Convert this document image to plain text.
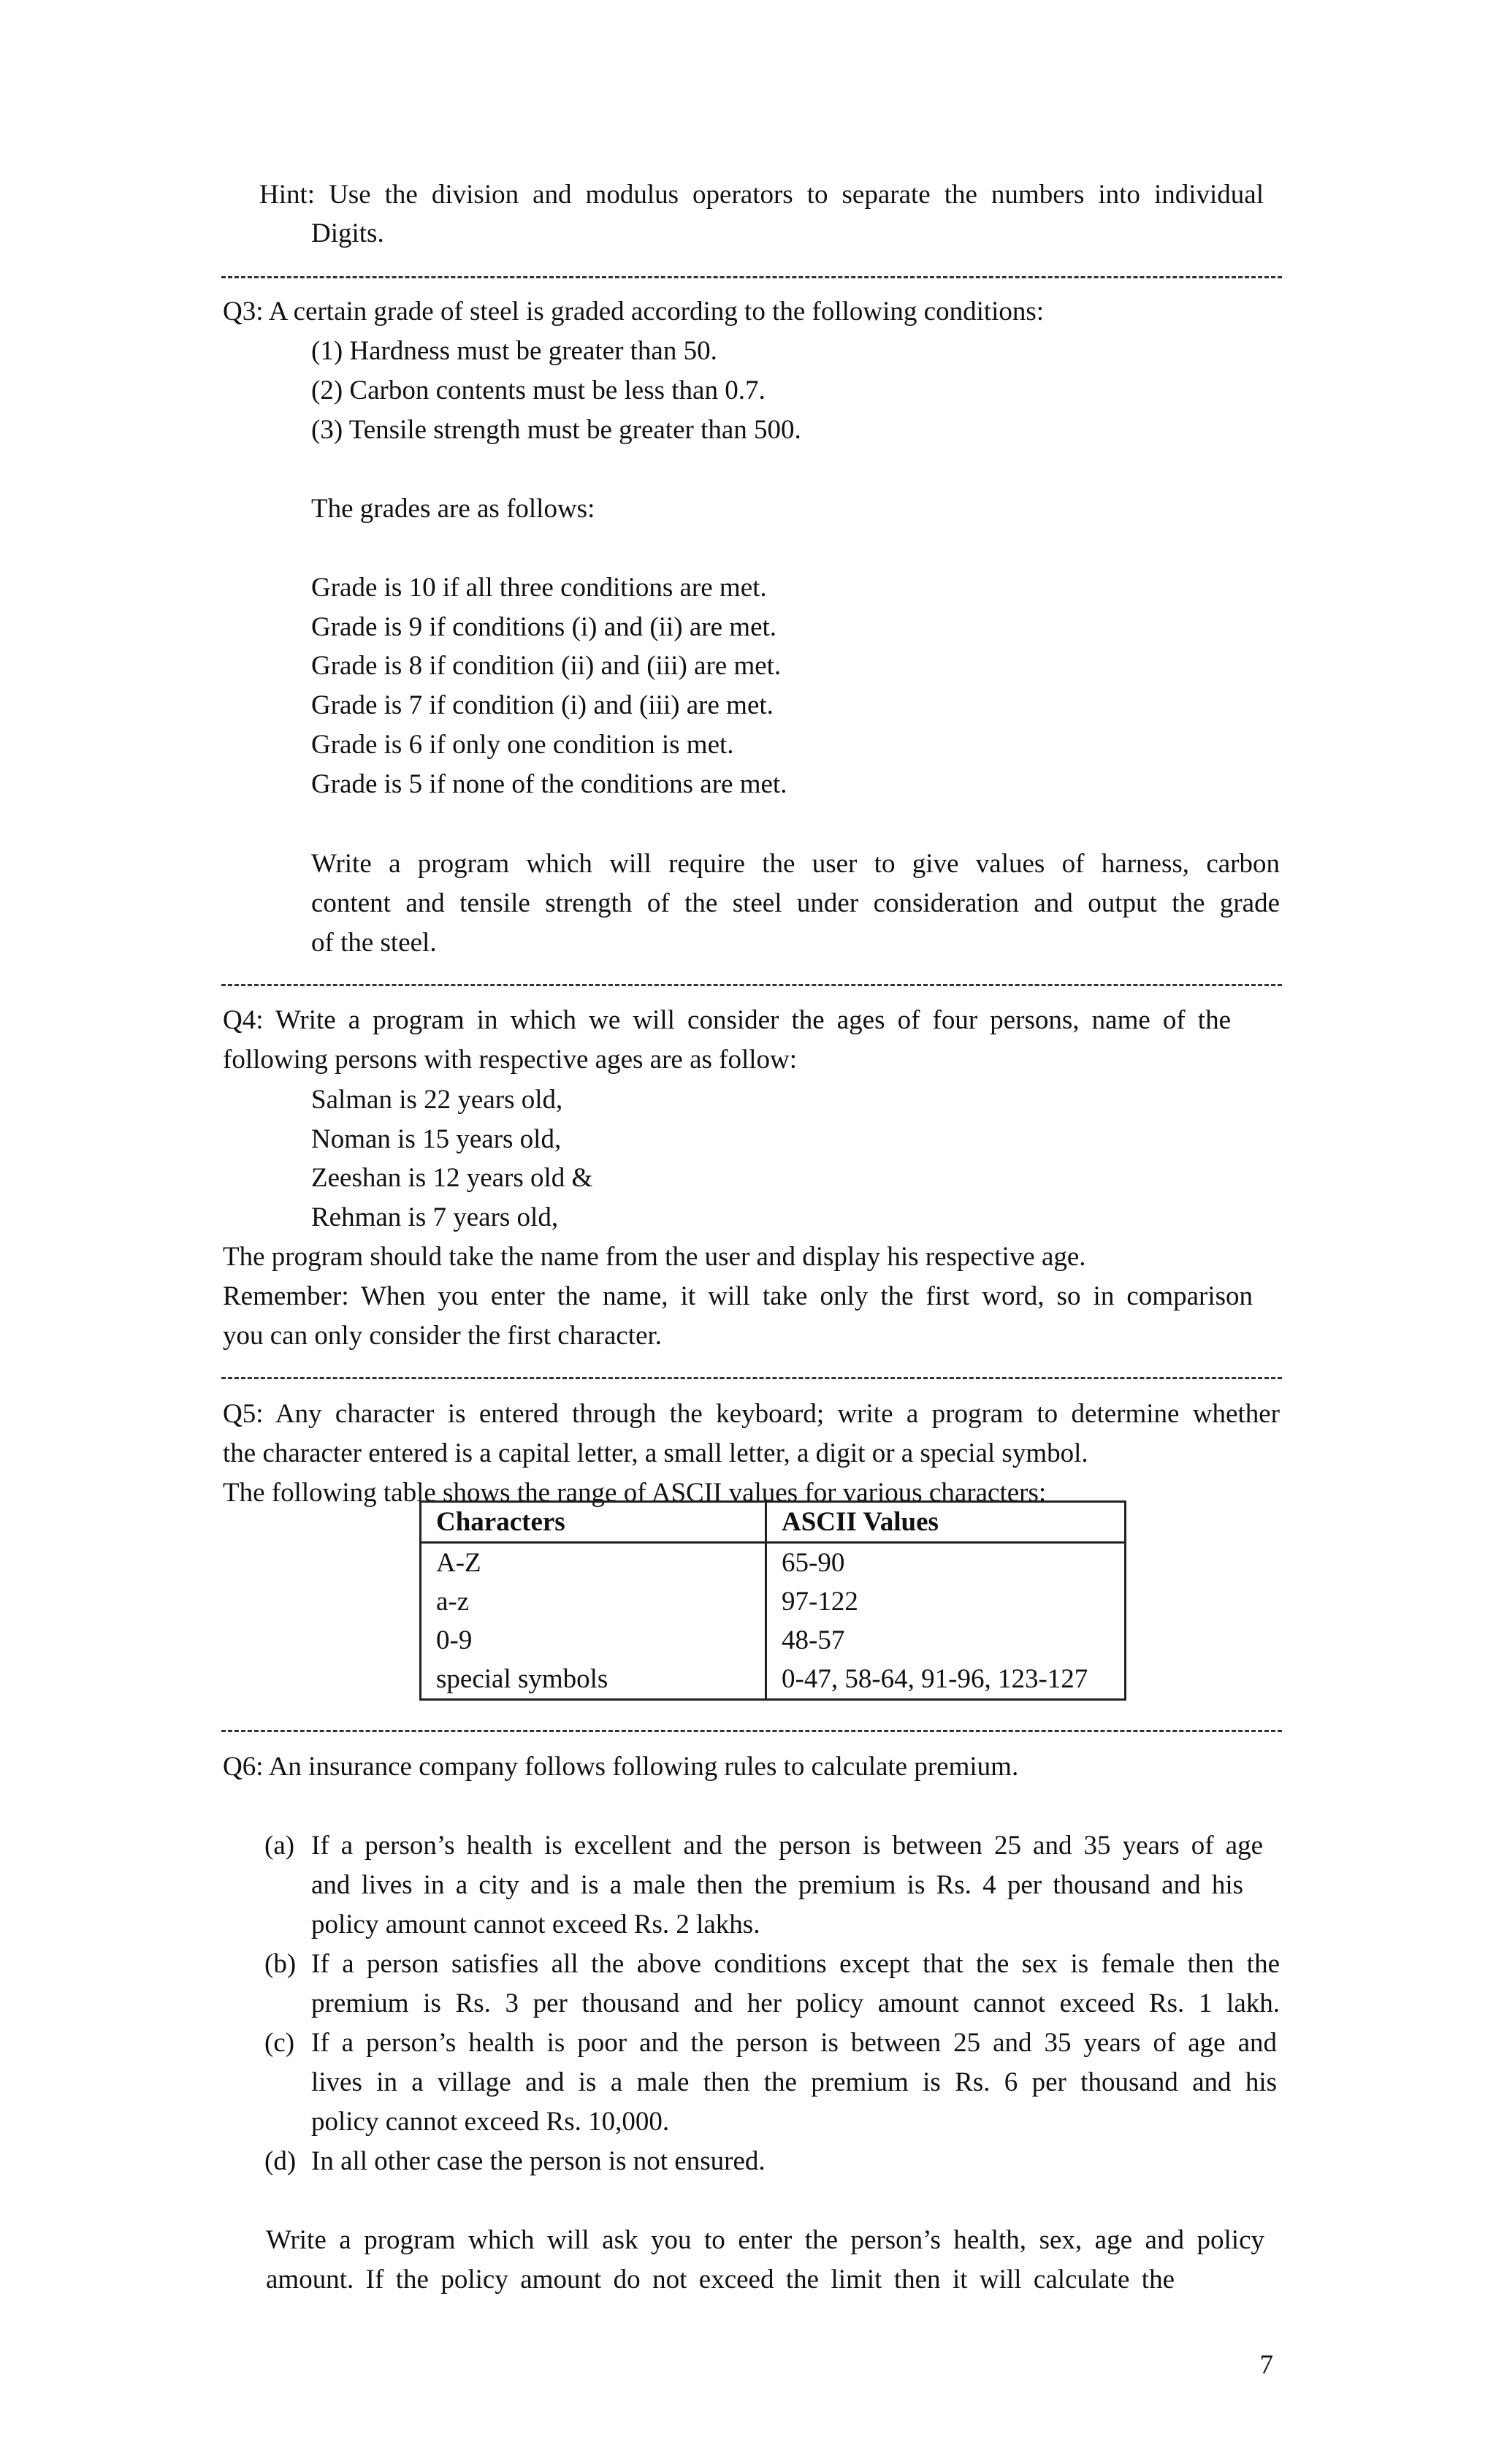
Hint: Use the division and modulus operators to separate the numbers into individual
Digits.
Q3: A certain grade of steel is graded according to the following conditions:
(1) Hardness must be greater than 50.
(2) Carbon contents must be less than 0.7.
(3) Tensile strength must be greater than 500.
The grades are as follows:
Grade is 10 if all three conditions are met.
Grade is 9 if conditions (i) and (ii) are met.
Grade is 8 if condition (ii) and (iii) are met.
Grade is 7 if condition (i) and (iii) are met.
Grade is 6 if only one condition is met.
Grade is 5 if none of the conditions are met.
Write a program which will require the user to give values of harness, carbon
content and tensile strength of the steel under consideration and output the grade
of the steel.
Q4: Write a program in which we will consider the ages of four persons, name of the
following persons with respective ages are as follow:
Salman is 22 years old,
Noman is 15 years old,
Zeeshan is 12 years old &
Rehman is 7 years old,
The program should take the name from the user and display his respective age.
Remember: When you enter the name, it will take only the first word, so in comparison
you can only consider the first character.
Q5: Any character is entered through the keyboard; write a program to determine whether
the character entered is a capital letter, a small letter, a digit or a special symbol.
The following table shows the range of ASCII values for various characters:
Characters	ASCII Values
A-Z	65-90
a-z	97-122
0-9	48-57
special symbols	0-47, 58-64, 91-96, 123-127
Q6: An insurance company follows following rules to calculate premium.
(a) If a person’s health is excellent and the person is between 25 and 35 years of age
and lives in a city and is a male then the premium is Rs. 4 per thousand and his
policy amount cannot exceed Rs. 2 lakhs.
(b) If a person satisfies all the above conditions except that the sex is female then the
premium is Rs. 3 per thousand and her policy amount cannot exceed Rs. 1 lakh.
(c) If a person’s health is poor and the person is between 25 and 35 years of age and
lives in a village and is a male then the premium is Rs. 6 per thousand and his
policy cannot exceed Rs. 10,000.
(d) In all other case the person is not ensured.
Write a program which will ask you to enter the person’s health, sex, age and policy
amount. If the policy amount do not exceed the limit then it will calculate the
7
